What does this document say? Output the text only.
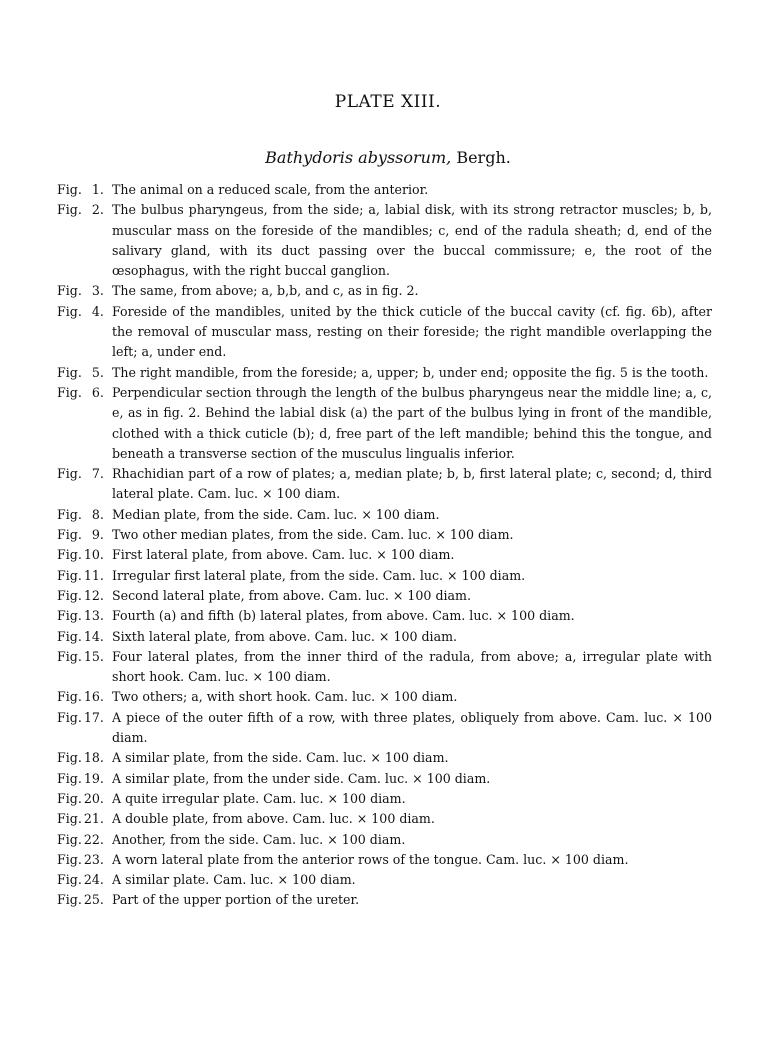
PLATE XIII.
Bathydoris abyssorum, Bergh.
Fig. 1. The animal on a reduced scale, from the anterior.
Fig. 2. The bulbus pharyngeus, from the side; a, labial disk, with its strong retractor muscles; b, b, muscular mass on the foreside of the mandibles; c, end of the radula sheath; d, end of the salivary gland, with its duct passing over the buccal commissure; e, the root of the œsophagus, with the right buccal ganglion.
Fig. 3. The same, from above; a, b,b, and c, as in fig. 2.
Fig. 4. Foreside of the mandibles, united by the thick cuticle of the buccal cavity (cf. fig. 6b), after the removal of muscular mass, resting on their foreside; the right mandible overlapping the left; a, under end.
Fig. 5. The right mandible, from the foreside; a, upper; b, under end; opposite the fig. 5 is the tooth.
Fig. 6. Perpendicular section through the length of the bulbus pharyngeus near the middle line; a, c, e, as in fig. 2. Behind the labial disk (a) the part of the bulbus lying in front of the mandible, clothed with a thick cuticle (b); d, free part of the left mandible; behind this the tongue, and beneath a transverse section of the musculus lingualis inferior.
Fig. 7. Rhachidian part of a row of plates; a, median plate; b, b, first lateral plate; c, second; d, third lateral plate. Cam. luc. × 100 diam.
Fig. 8. Median plate, from the side. Cam. luc. × 100 diam.
Fig. 9. Two other median plates, from the side. Cam. luc. × 100 diam.
Fig. 10. First lateral plate, from above. Cam. luc. × 100 diam.
Fig. 11. Irregular first lateral plate, from the side. Cam. luc. × 100 diam.
Fig. 12. Second lateral plate, from above. Cam. luc. × 100 diam.
Fig. 13. Fourth (a) and fifth (b) lateral plates, from above. Cam. luc. × 100 diam.
Fig. 14. Sixth lateral plate, from above. Cam. luc. × 100 diam.
Fig. 15. Four lateral plates, from the inner third of the radula, from above; a, irregular plate with short hook. Cam. luc. × 100 diam.
Fig. 16. Two others; a, with short hook. Cam. luc. × 100 diam.
Fig. 17. A piece of the outer fifth of a row, with three plates, obliquely from above. Cam. luc. × 100 diam.
Fig. 18. A similar plate, from the side. Cam. luc. × 100 diam.
Fig. 19. A similar plate, from the under side. Cam. luc. × 100 diam.
Fig. 20. A quite irregular plate. Cam. luc. × 100 diam.
Fig. 21. A double plate, from above. Cam. luc. × 100 diam.
Fig. 22. Another, from the side. Cam. luc. × 100 diam.
Fig. 23. A worn lateral plate from the anterior rows of the tongue. Cam. luc. × 100 diam.
Fig. 24. A similar plate. Cam. luc. × 100 diam.
Fig. 25. Part of the upper portion of the ureter.
